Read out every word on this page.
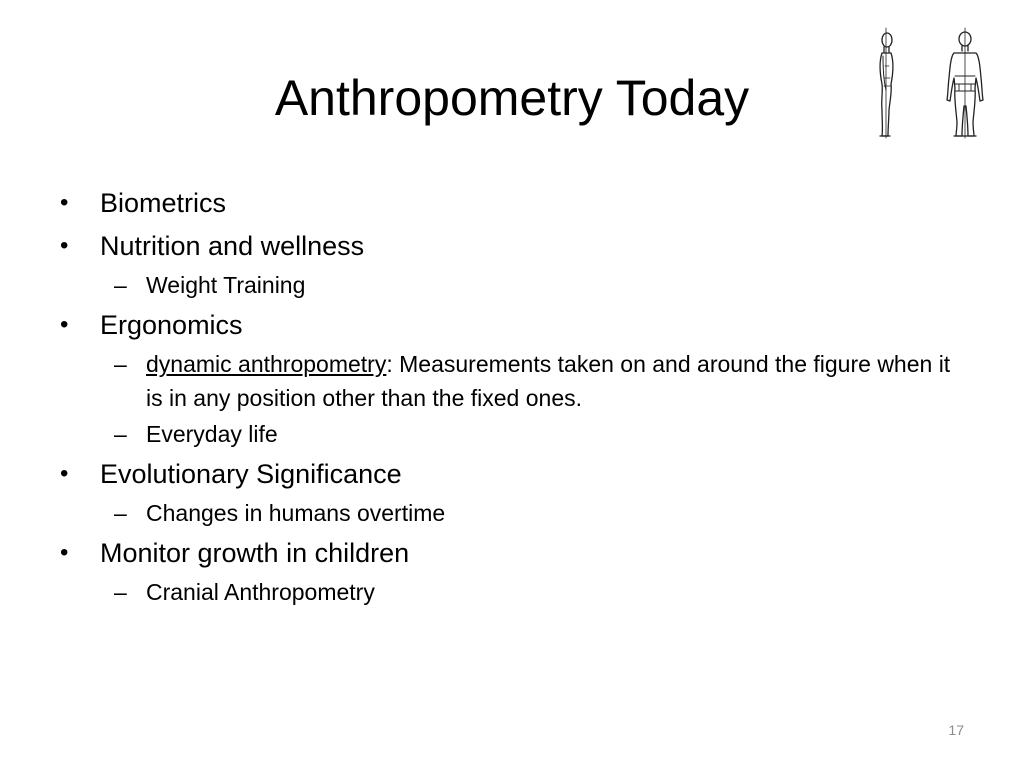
Anthropometry Today
• Biometrics
• Nutrition and wellness
– Weight Training
• Ergonomics
– dynamic anthropometry: Measurements taken on and around the figure when it is in any position other than the fixed ones.
– Everyday life
• Evolutionary Significance
– Changes in humans overtime
• Monitor growth in children
– Cranial Anthropometry
17
